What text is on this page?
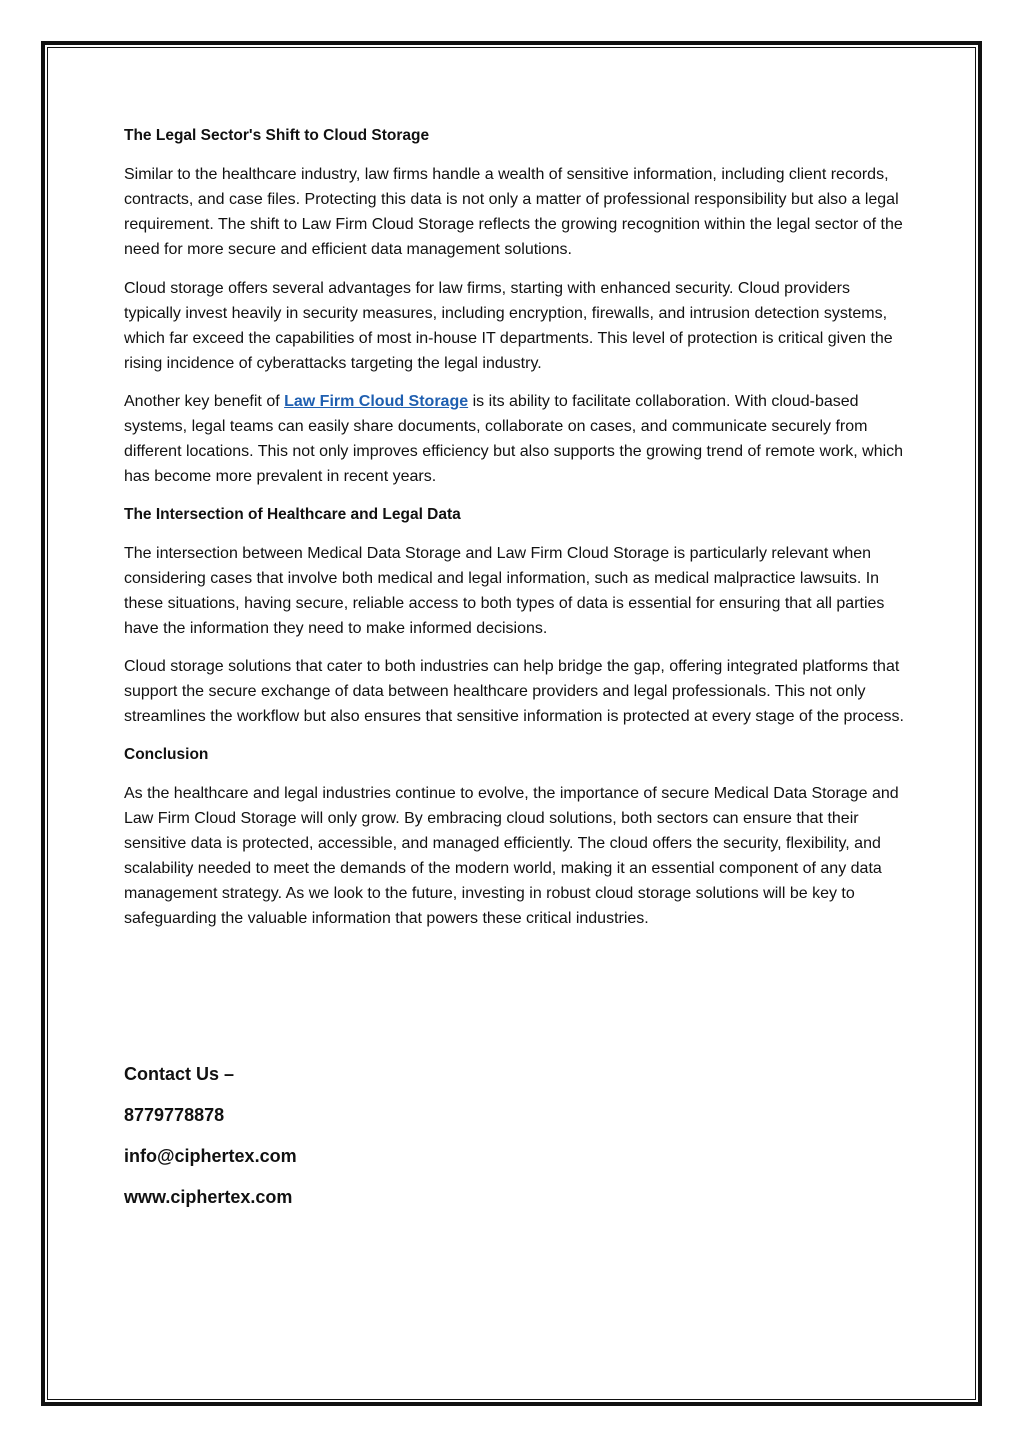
The Legal Sector's Shift to Cloud Storage

Similar to the healthcare industry, law firms handle a wealth of sensitive information, including client records, contracts, and case files. Protecting this data is not only a matter of professional responsibility but also a legal requirement. The shift to Law Firm Cloud Storage reflects the growing recognition within the legal sector of the need for more secure and efficient data management solutions.

Cloud storage offers several advantages for law firms, starting with enhanced security. Cloud providers typically invest heavily in security measures, including encryption, firewalls, and intrusion detection systems, which far exceed the capabilities of most in-house IT departments. This level of protection is critical given the rising incidence of cyberattacks targeting the legal industry.

Another key benefit of Law Firm Cloud Storage is its ability to facilitate collaboration. With cloud-based systems, legal teams can easily share documents, collaborate on cases, and communicate securely from different locations. This not only improves efficiency but also supports the growing trend of remote work, which has become more prevalent in recent years.

The Intersection of Healthcare and Legal Data

The intersection between Medical Data Storage and Law Firm Cloud Storage is particularly relevant when considering cases that involve both medical and legal information, such as medical malpractice lawsuits. In these situations, having secure, reliable access to both types of data is essential for ensuring that all parties have the information they need to make informed decisions.

Cloud storage solutions that cater to both industries can help bridge the gap, offering integrated platforms that support the secure exchange of data between healthcare providers and legal professionals. This not only streamlines the workflow but also ensures that sensitive information is protected at every stage of the process.

Conclusion

As the healthcare and legal industries continue to evolve, the importance of secure Medical Data Storage and Law Firm Cloud Storage will only grow. By embracing cloud solutions, both sectors can ensure that their sensitive data is protected, accessible, and managed efficiently. The cloud offers the security, flexibility, and scalability needed to meet the demands of the modern world, making it an essential component of any data management strategy. As we look to the future, investing in robust cloud storage solutions will be key to safeguarding the valuable information that powers these critical industries.

Contact Us –
8779778878
info@ciphertex.com
www.ciphertex.com
